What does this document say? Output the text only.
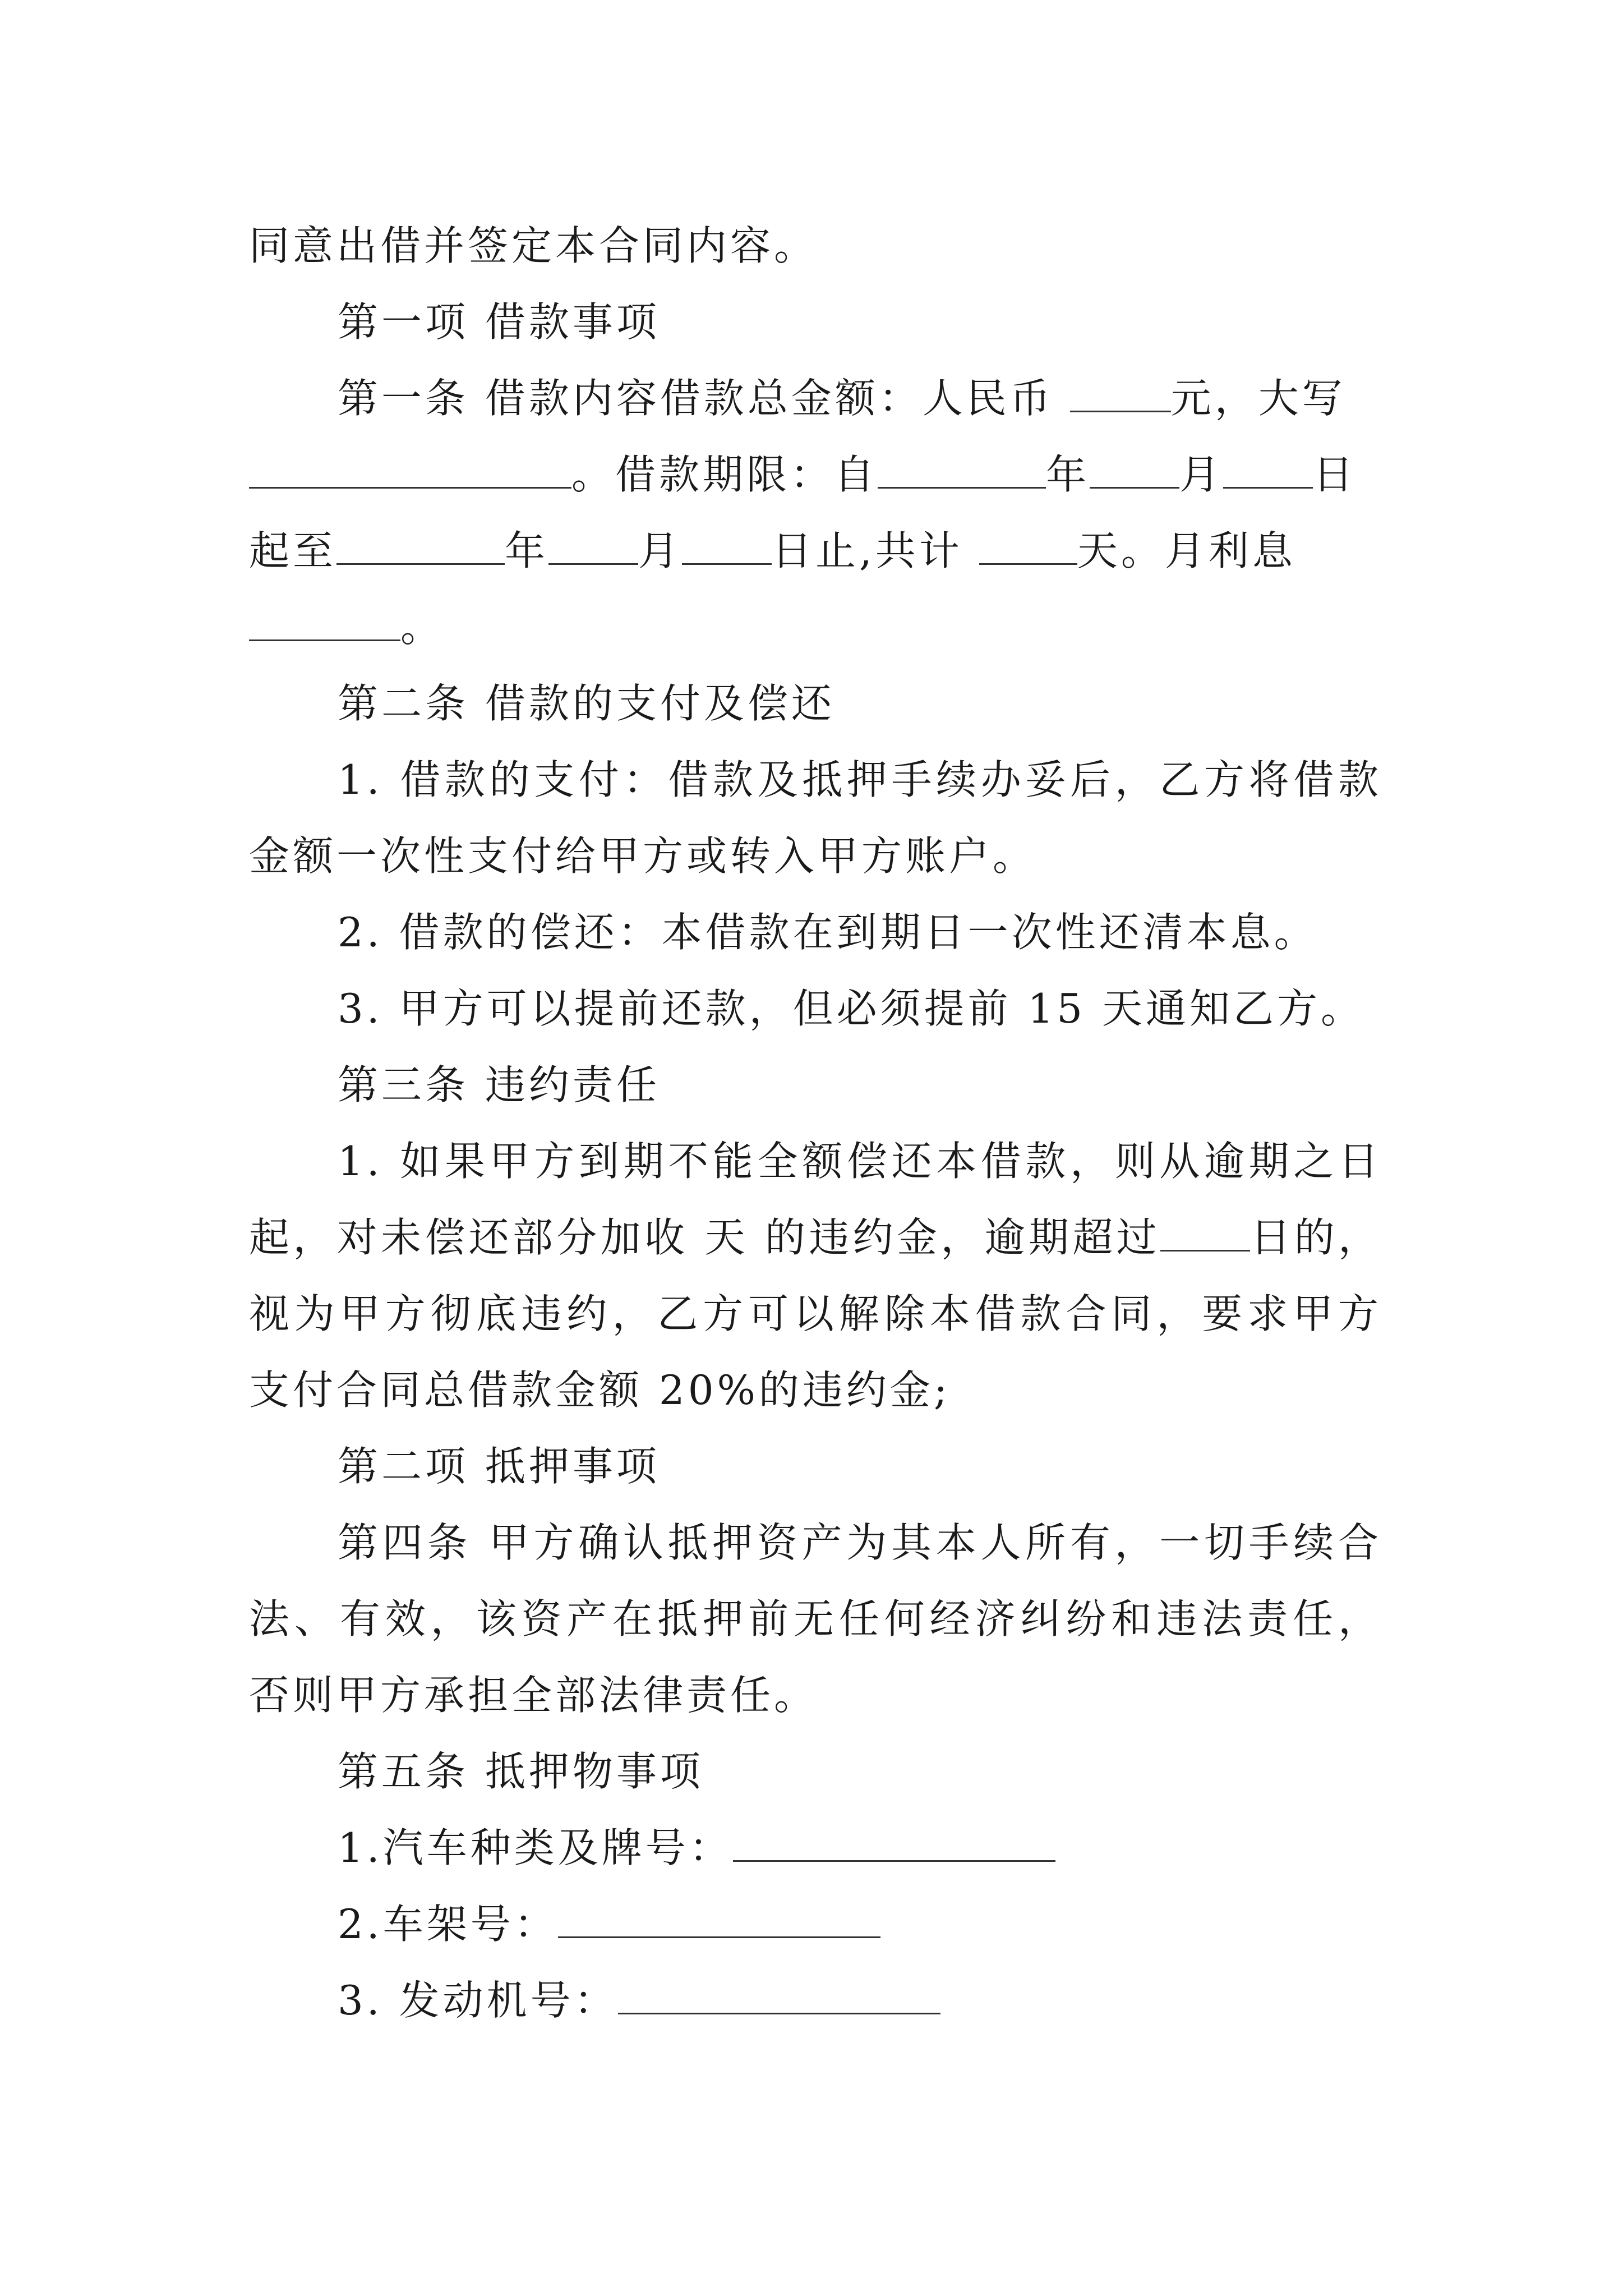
同意出借并签定本合同内容。

第一项 借款事项

第一条 借款内容借款总金额：人民币	元，大写

。借款期限：自	年 月 日

起至	年 月 日止,共计 天。月利息

。

第二条 借款的支付及偿还

1. 借款的支付：借款及抵押手续办妥后，乙方将借款金额一次性支付给甲方或转入甲方账户。

2. 借款的偿还：本借款在到期日一次性还清本息。

3. 甲方可以提前还款，但必须提前 15 天通知乙方。

第三条 违约责任

1. 如果甲方到期不能全额偿还本借款，则从逾期之日起，对未偿还部分加收 天 的违约金，逾期超过 日的，视为甲方彻底违约，乙方可以解除本借款合同，要求甲方支付合同总借款金额 20%的违约金;

第二项 抵押事项

第四条 甲方确认抵押资产为其本人所有，一切手续合法、有效，该资产在抵押前无任何经济纠纷和违法责任，否则甲方承担全部法律责任。

第五条 抵押物事项

1.汽车种类及牌号：

2.车架号：

3. 发动机号：
